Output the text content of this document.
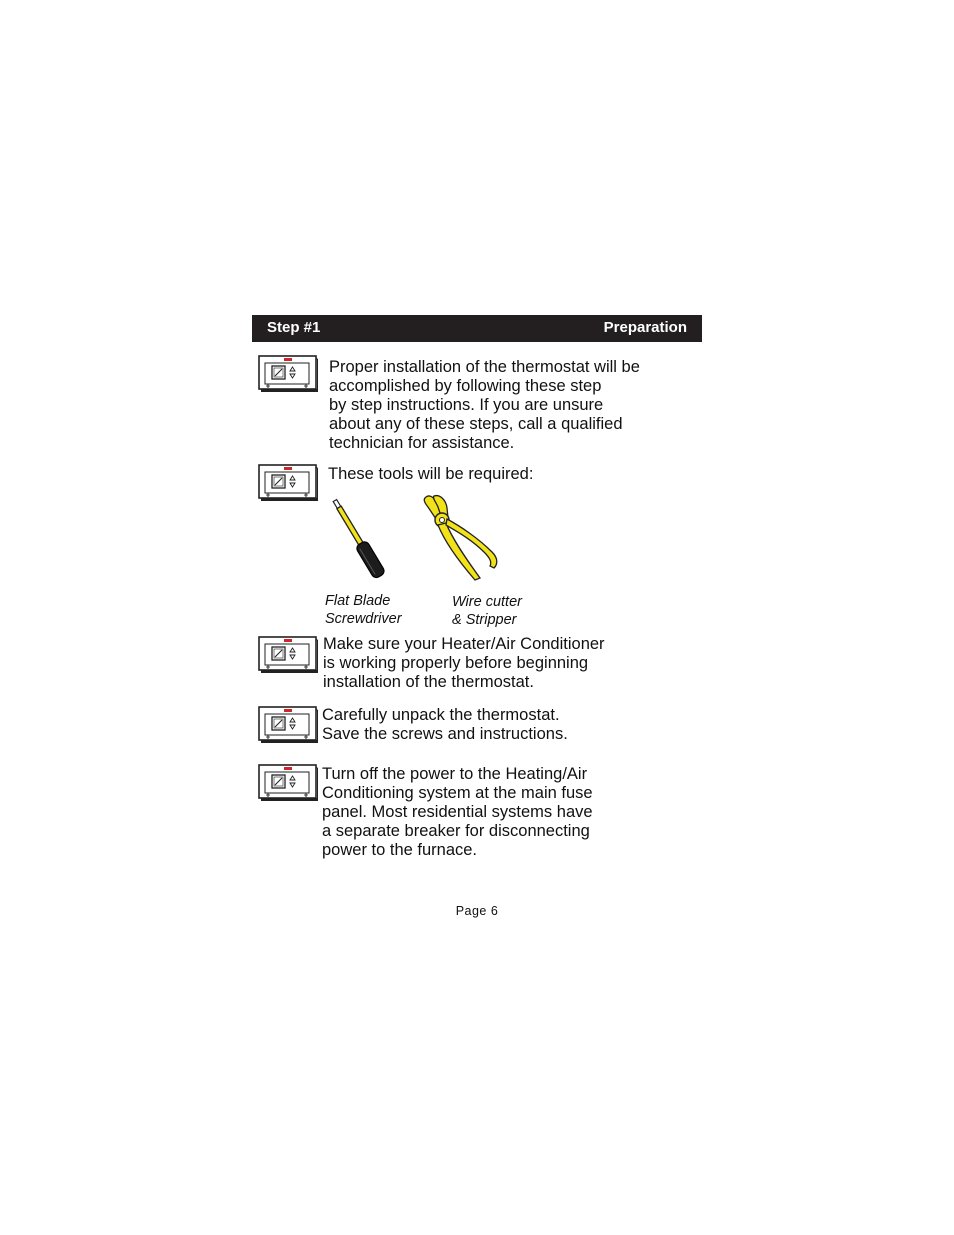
Step #1	Preparation

Proper installation of the thermostat will be
accomplished by following these step
by step instructions. If you are unsure
about any of these steps, call a qualified
technician for assistance.

These tools will be required:

Flat Blade
Screwdriver

Wire cutter
& Stripper

Make sure your Heater/Air Conditioner
is working properly before beginning
installation of the thermostat.

Carefully unpack the thermostat.
Save the screws and instructions.

Turn off the power to the Heating/Air
Conditioning system at the main fuse
panel. Most residential systems have
a separate breaker for disconnecting
power to the furnace.

Page 6
